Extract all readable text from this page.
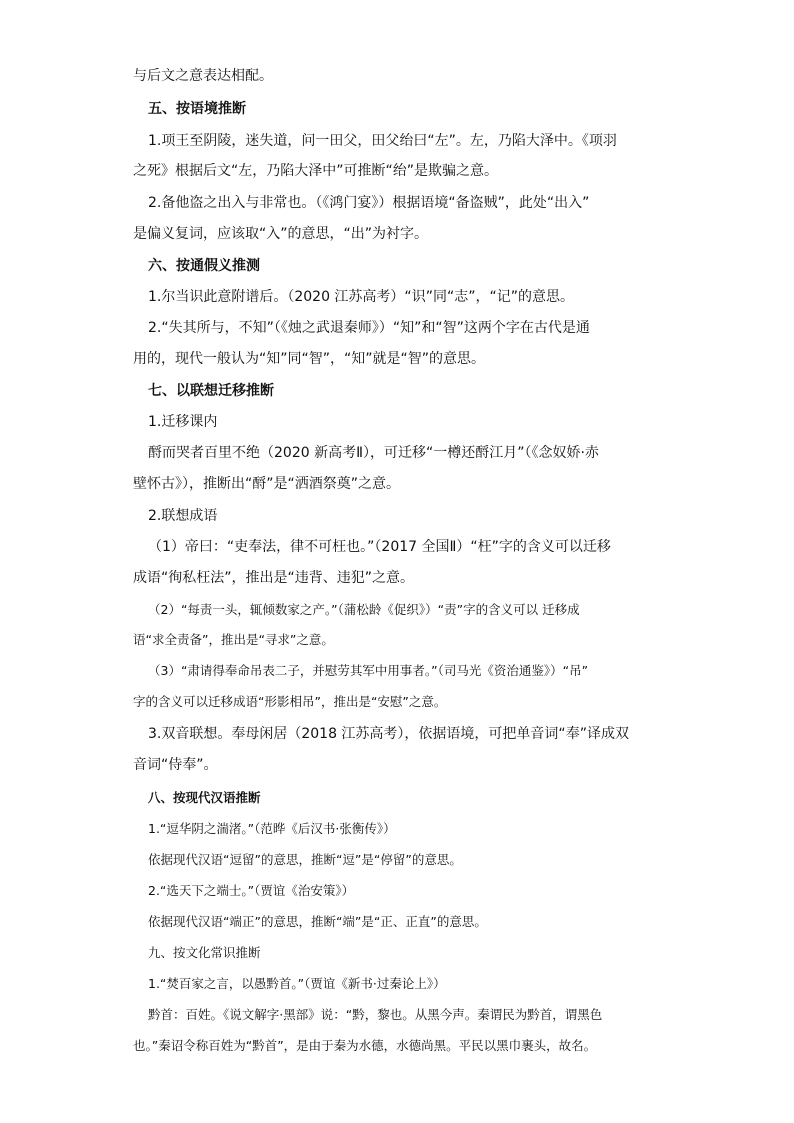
与后文之意表达相配。
五、按语境推断
1.项王至阴陵，迷失道，问一田父，田父绐曰“左”。左，乃陷大泽中。《项羽
之死》根据后文“左，乃陷大泽中”可推断“绐”是欺骗之意。
2.备他盗之出入与非常也。（《鸿门宴》）根据语境“备盗贼”，此处“出入”
是偏义复词，应该取“入”的意思，“出”为衬字。
六、按通假义推测
1.尔当识此意附谱后。（2020 江苏高考）“识”同“志”，“记”的意思。
2.“失其所与，不知”（《烛之武退秦师》）“知”和“智”这两个字在古代是通
用的，现代一般认为“知”同“智”，“知”就是“智”的意思。
七、以联想迁移推断
1.迁移课内
酹而哭者百里不绝（2020 新高考Ⅱ），可迁移“一樽还酹江月”（《念奴娇·赤
壁怀古》），推断出“酹”是“洒酒祭奠”之意。
2.联想成语
（1）帝曰：“吏奉法，律不可枉也。”（2017 全国Ⅱ）“枉”字的含义可以迁移
成语“徇私枉法”，推出是“违背、违犯”之意。
（2）“每责一头，辄倾数家之产。”（蒲松龄《促织》）“责”字的含义可以 迁移成
语“求全责备”，推出是“寻求”之意。
（3）“肃请得奉命吊表二子，并慰劳其军中用事者。”（司马光《资治通鉴》）“吊”
字的含义可以迁移成语“形影相吊”，推出是“安慰”之意。
3.双音联想。奉母闲居（2018 江苏高考），依据语境，可把单音词“奉”译成双
音词“侍奉”。
八、按现代汉语推断
1.“逗华阴之湍渚。”（范晔《后汉书·张衡传》）
依据现代汉语“逗留”的意思，推断“逗”是“停留”的意思。
2.“选天下之端士。”（贾谊《治安策》）
依据现代汉语“端正”的意思，推断“端”是“正、正直”的意思。
九、按文化常识推断
1.“焚百家之言，以愚黔首。”（贾谊《新书·过秦论上》）
黔首：百姓。《说文解字·黑部》说：“黔，黎也。从黑今声。秦谓民为黔首，谓黑色
也。”秦诏令称百姓为“黔首”，是由于秦为水德，水德尚黑。平民以黑巾裹头，故名。
